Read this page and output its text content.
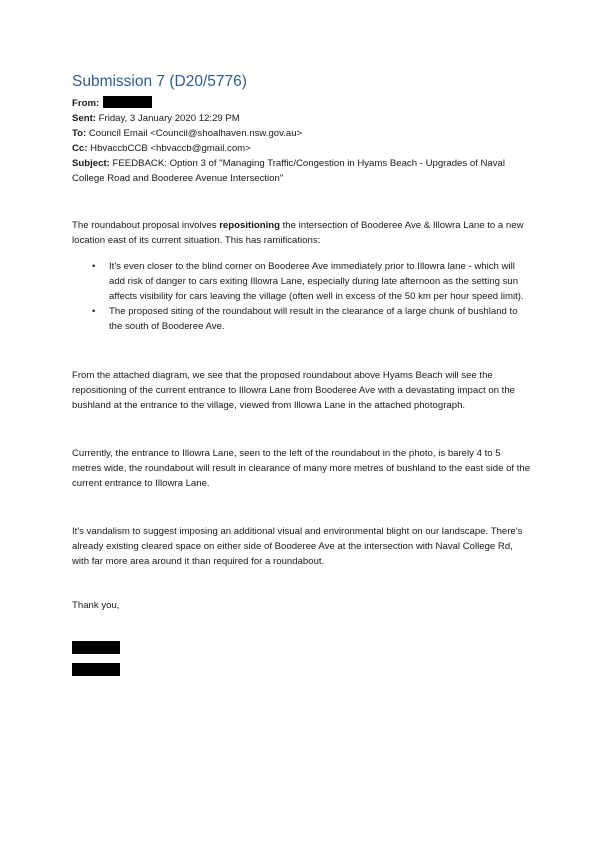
Submission 7 (D20/5776)
From:
Sent: Friday, 3 January 2020 12:29 PM
To: Council Email <Council@shoalhaven.nsw.gov.au>
Cc: HbvaccbCCB <hbvaccb@gmail.com>
Subject: FEEDBACK: Option 3 of "Managing Traffic/Congestion in Hyams Beach - Upgrades of Naval College Road and Booderee Avenue Intersection"

The roundabout proposal involves repositioning the intersection of Booderee Ave & Illowra Lane to a new location east of its current situation. This has ramifications:

• It's even closer to the blind corner on Booderee Ave immediately prior to Illowra lane - which will add risk of danger to cars exiting Illowra Lane, especially during late afternoon as the setting sun affects visibility for cars leaving the village (often well in excess of the 50 km per hour speed limit).
• The proposed siting of the roundabout will result in the clearance of a large chunk of bushland to the south of Booderee Ave.

From the attached diagram, we see that the proposed roundabout above Hyams Beach will see the repositioning of the current entrance to Illowra Lane from Booderee Ave with a devastating impact on the bushland at the entrance to the village, viewed from Illowra Lane in the attached photograph.

Currently, the entrance to Illowra Lane, seen to the left of the roundabout in the photo, is barely 4 to 5 metres wide, the roundabout will result in clearance of many more metres of bushland to the east side of the current entrance to Illowra Lane.

It's vandalism to suggest imposing an additional visual and environmental blight on our landscape. There's already existing cleared space on either side of Booderee Ave at the intersection with Naval College Rd, with far more area around it than required for a roundabout.

Thank you,
